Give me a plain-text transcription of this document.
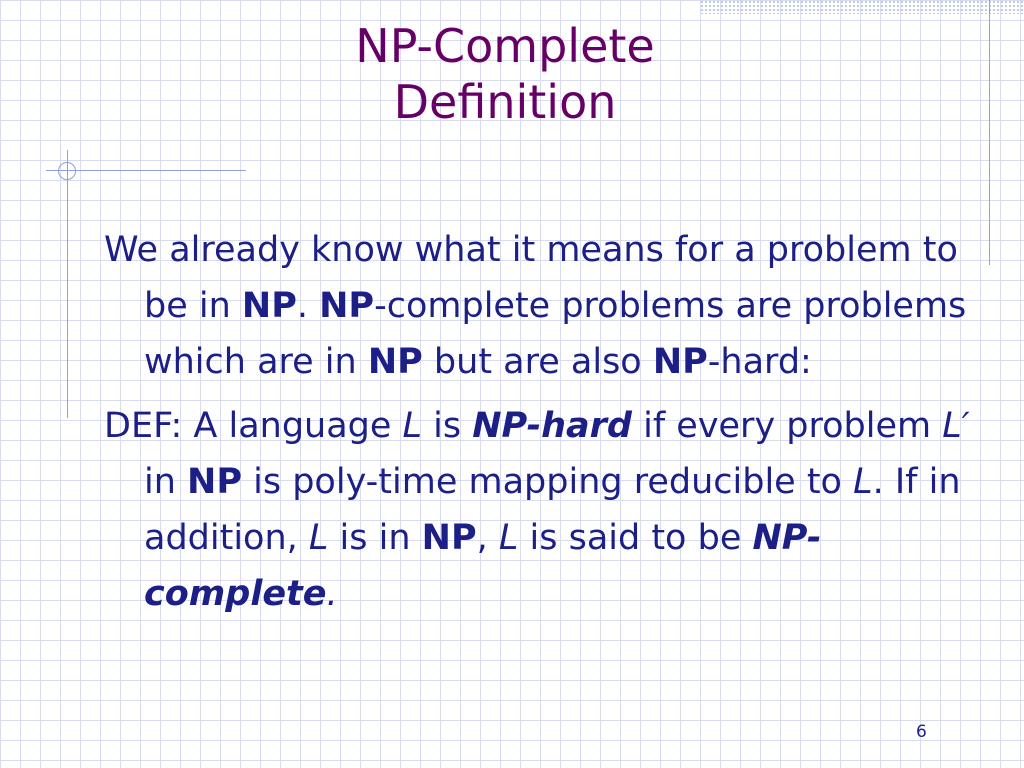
NP-Complete
Definition

We already know what it means for a problem to be in NP. NP-complete problems are problems which are in NP but are also NP-hard:

DEF: A language L is NP-hard if every problem L′ in NP is poly-time mapping reducible to L. If in addition, L is in NP, L is said to be NP-complete.

6
